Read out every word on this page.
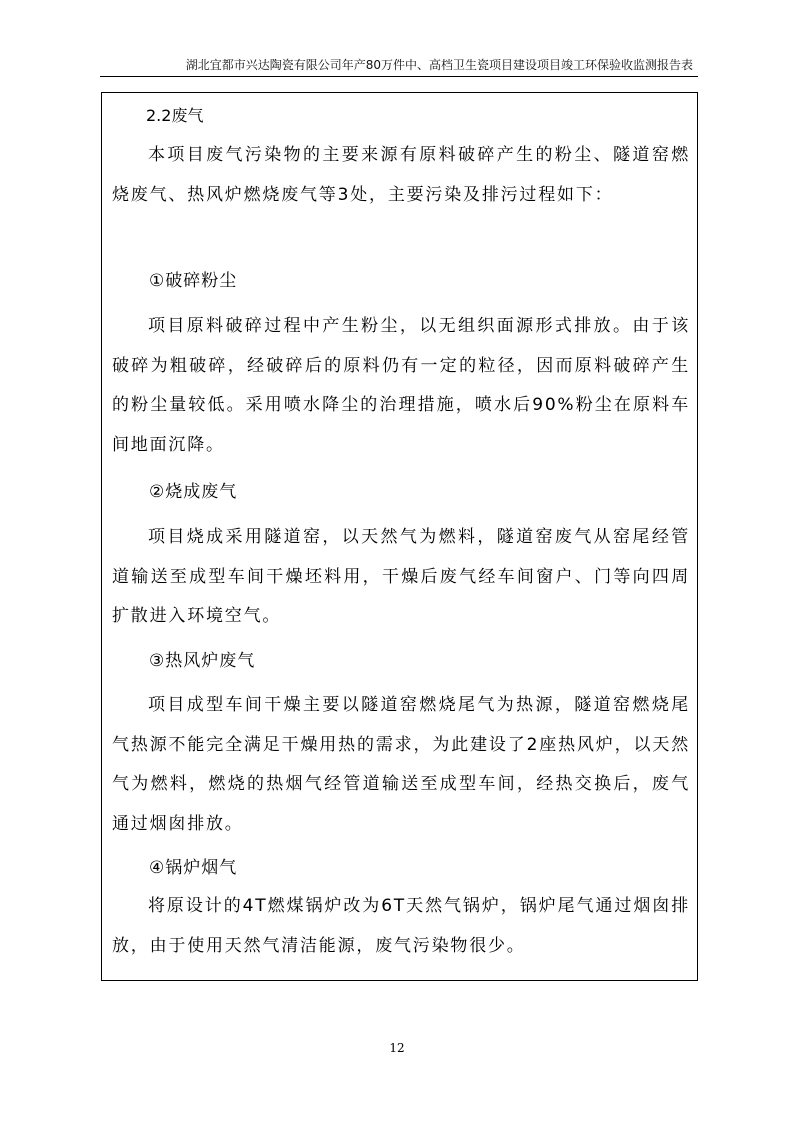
湖北宜都市兴达陶瓷有限公司年产80万件中、高档卫生瓷项目建设项目竣工环保验收监测报告表
2.2废气
本项目废气污染物的主要来源有原料破碎产生的粉尘、隧道窑燃烧废气、热风炉燃烧废气等3处，主要污染及排污过程如下：
①破碎粉尘
项目原料破碎过程中产生粉尘，以无组织面源形式排放。由于该破碎为粗破碎，经破碎后的原料仍有一定的粒径，因而原料破碎产生的粉尘量较低。采用喷水降尘的治理措施，喷水后90%粉尘在原料车间地面沉降。
②烧成废气
项目烧成采用隧道窑，以天然气为燃料，隧道窑废气从窑尾经管道输送至成型车间干燥坯料用，干燥后废气经车间窗户、门等向四周扩散进入环境空气。
③热风炉废气
项目成型车间干燥主要以隧道窑燃烧尾气为热源，隧道窑燃烧尾气热源不能完全满足干燥用热的需求，为此建设了2座热风炉，以天然气为燃料，燃烧的热烟气经管道输送至成型车间，经热交换后，废气通过烟囱排放。
④锅炉烟气
将原设计的4T燃煤锅炉改为6T天然气锅炉，锅炉尾气通过烟囱排放，由于使用天然气清洁能源，废气污染物很少。
12
